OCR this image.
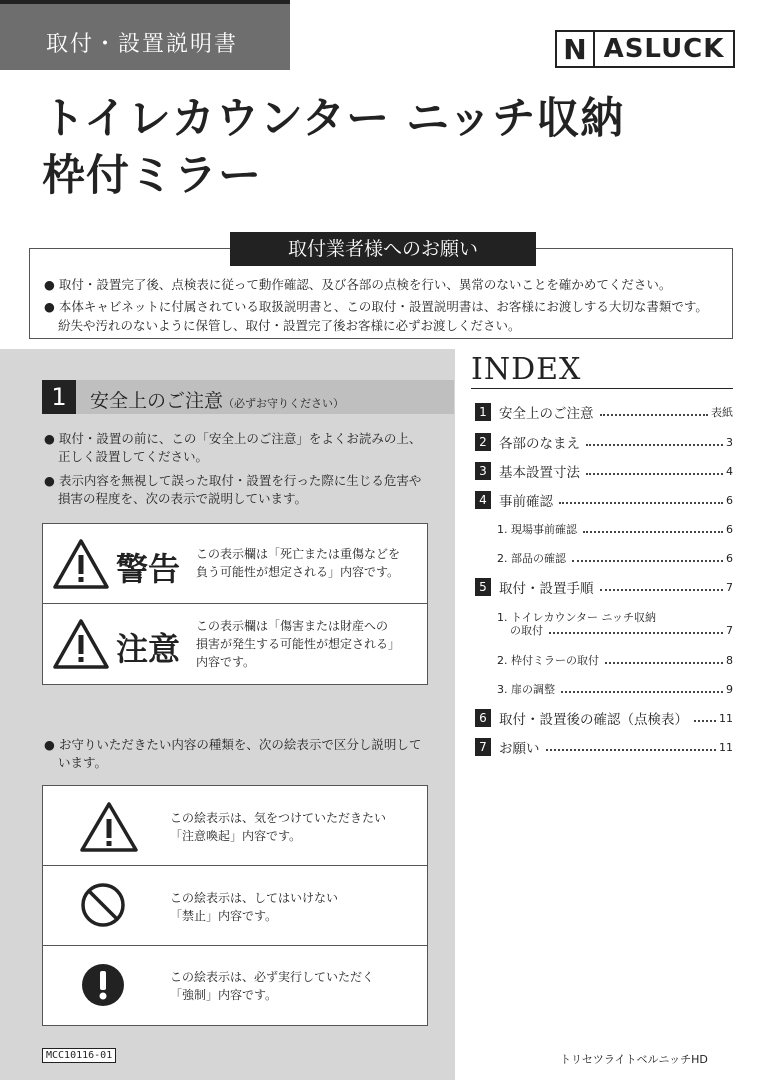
取付・設置説明書	N ASLUCK
トイレカウンター ニッチ収納
枠付ミラー
取付業者様へのお願い
● 取付・設置完了後、点検表に従って動作確認、及び各部の点検を行い、異常のないことを確かめてください。
● 本体キャビネットに付属されている取扱説明書と、この取付・設置説明書は、お客様にお渡しする大切な書類です。
紛失や汚れのないように保管し、取付・設置完了後お客様に必ずお渡しください。
1	安全上のご注意（必ずお守りください）
● 取付・設置の前に、この「安全上のご注意」をよくお読みの上、
正しく設置してください。
● 表示内容を無視して誤った取付・設置を行った際に生じる危害や
損害の程度を、次の表示で説明しています。
警告 この表示欄は「死亡または重傷などを
負う可能性が想定される」内容です。
注意
この表示欄は「傷害または財産への
損害が発生する可能性が想定される」
内容です。
● お守りいただきたい内容の種類を、次の絵表示で区分し説明して
います。
この絵表示は、気をつけていただきたい
「注意喚起」内容です。
この絵表示は、してはいけない
「禁止」内容です。
この絵表示は、必ず実行していただく
「強制」内容です。
MCC10116-01
INDEX
1 安全上のご注意	表紙
2 各部のなまえ	3
3 基本設置寸法	4
4 事前確認	6
1. 現場事前確認	6
2. 部品の確認	6
5 取付・設置手順	7
1. トイレカウンター ニッチ収納
の取付	7
2. 枠付ミラーの取付	8
3. 扉の調整	9
6 取付・設置後の確認（点検表）	11
7 お願い	11
トリセツライトベルニッチHD
